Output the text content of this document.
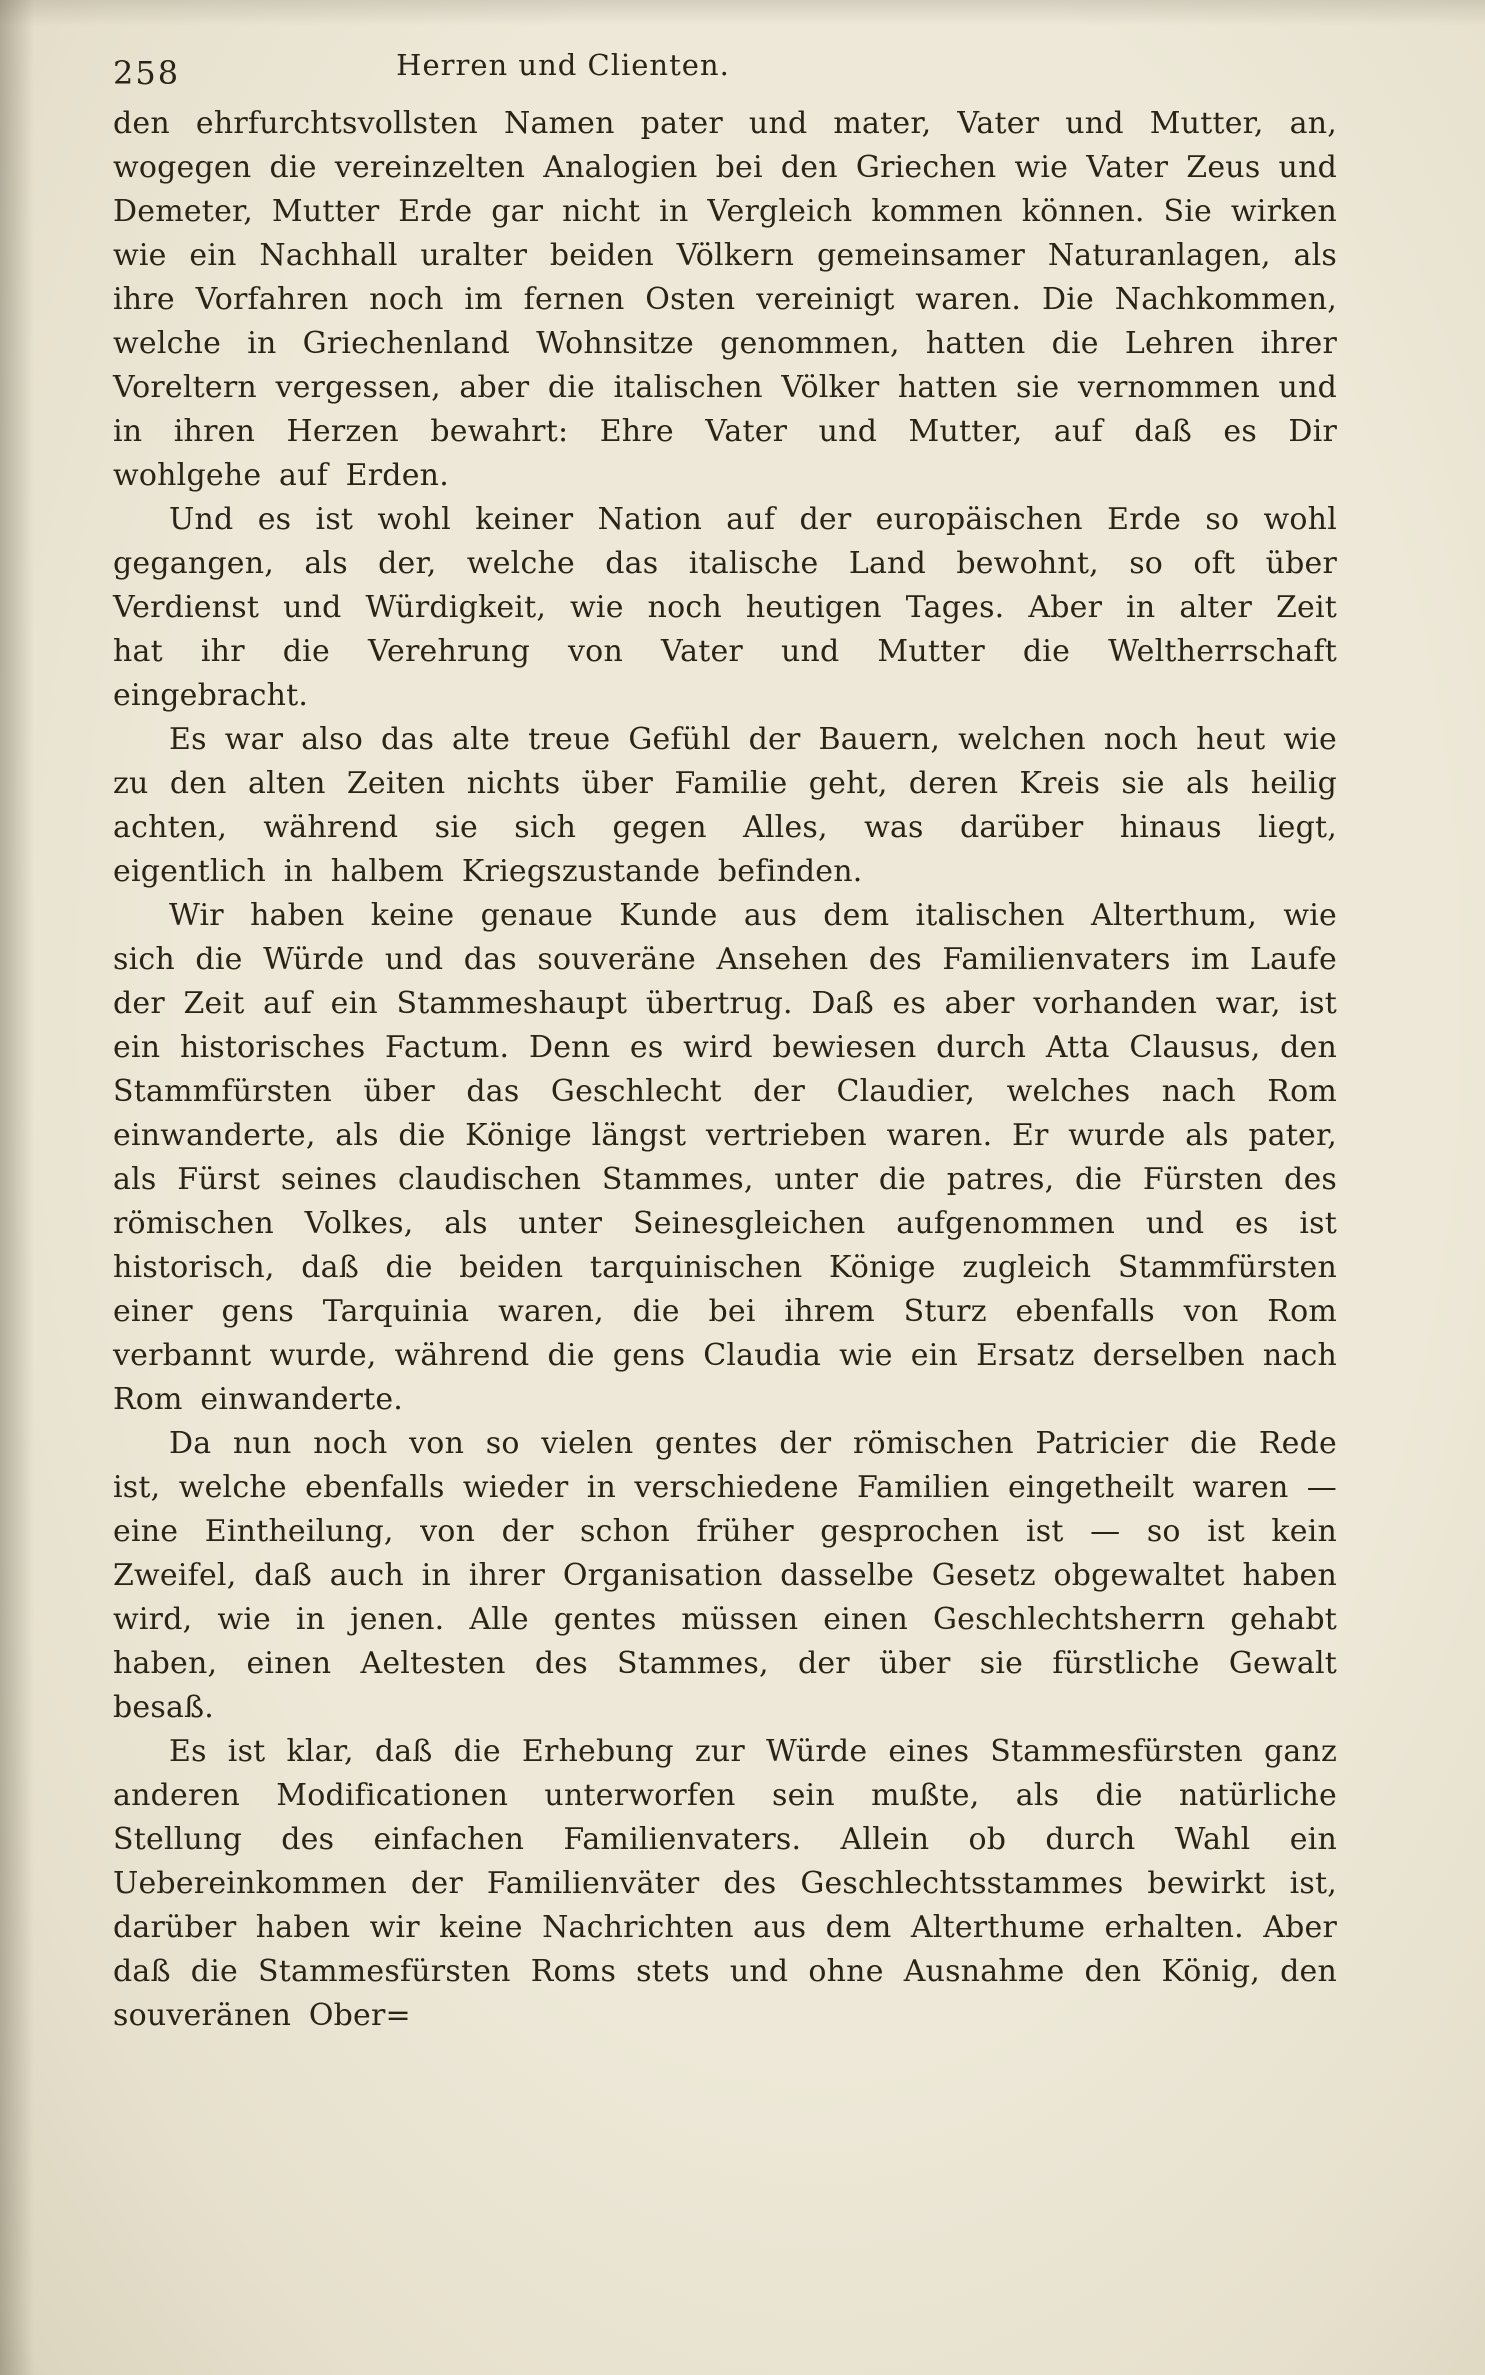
258	Herren und Clienten.

den ehrfurchtsvollsten Namen pater und mater, Vater und Mutter, an, wogegen die vereinzelten Analogien bei den Griechen wie Vater Zeus und Demeter, Mutter Erde gar nicht in Vergleich kommen können. Sie wirken wie ein Nachhall uralter beiden Völkern gemeinsamer Naturanlagen, als ihre Vorfahren noch im fernen Osten vereinigt waren. Die Nachkommen, welche in Griechenland Wohnsitze genommen, hatten die Lehren ihrer Voreltern vergessen, aber die italischen Völker hatten sie vernommen und in ihren Herzen bewahrt: Ehre Vater und Mutter, auf daß es Dir wohlgehe auf Erden.

Und es ist wohl keiner Nation auf der europäischen Erde so wohl gegangen, als der, welche das italische Land bewohnt, so oft über Verdienst und Würdigkeit, wie noch heutigen Tages. Aber in alter Zeit hat ihr die Verehrung von Vater und Mutter die Weltherrschaft eingebracht.

Es war also das alte treue Gefühl der Bauern, welchen noch heut wie zu den alten Zeiten nichts über Familie geht, deren Kreis sie als heilig achten, während sie sich gegen Alles, was darüber hinaus liegt, eigentlich in halbem Kriegszustande befinden.

Wir haben keine genaue Kunde aus dem italischen Alterthum, wie sich die Würde und das souveräne Ansehen des Familienvaters im Laufe der Zeit auf ein Stammeshaupt übertrug. Daß es aber vorhanden war, ist ein historisches Factum. Denn es wird bewiesen durch Atta Clausus, den Stammfürsten über das Geschlecht der Claudier, welches nach Rom einwanderte, als die Könige längst vertrieben waren. Er wurde als pater, als Fürst seines claudischen Stammes, unter die patres, die Fürsten des römischen Volkes, als unter Seinesgleichen aufgenommen und es ist historisch, daß die beiden tarquinischen Könige zugleich Stammfürsten einer gens Tarquinia waren, die bei ihrem Sturz ebenfalls von Rom verbannt wurde, während die gens Claudia wie ein Ersatz derselben nach Rom einwanderte.

Da nun noch von so vielen gentes der römischen Patricier die Rede ist, welche ebenfalls wieder in verschiedene Familien eingetheilt waren — eine Eintheilung, von der schon früher gesprochen ist — so ist kein Zweifel, daß auch in ihrer Organisation dasselbe Gesetz obgewaltet haben wird, wie in jenen. Alle gentes müssen einen Geschlechtsherrn gehabt haben, einen Aeltesten des Stammes, der über sie fürstliche Gewalt besaß.

Es ist klar, daß die Erhebung zur Würde eines Stammesfürsten ganz anderen Modificationen unterworfen sein mußte, als die natürliche Stellung des einfachen Familienvaters. Allein ob durch Wahl ein Uebereinkommen der Familienväter des Geschlechtsstammes bewirkt ist, darüber haben wir keine Nachrichten aus dem Alterthume erhalten. Aber daß die Stammesfürsten Roms stets und ohne Ausnahme den König, den souveränen Ober=
